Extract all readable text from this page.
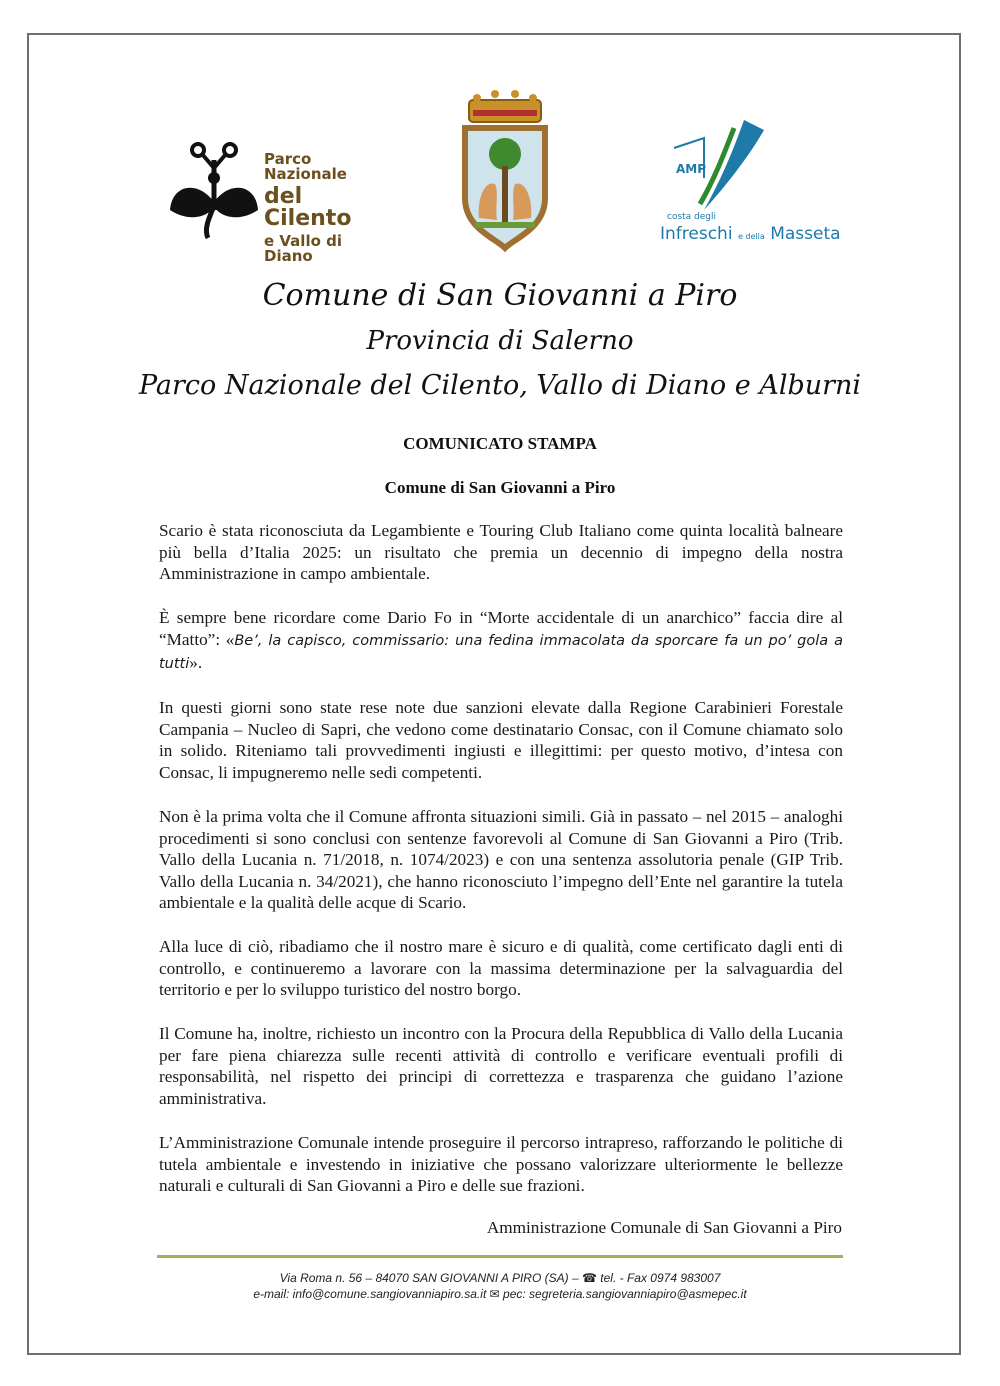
Parco Nazionale
del Cilento
e Vallo di Diano
AMP
costa degli
Infreschi e della Masseta
Comune di San Giovanni a Piro
Provincia di Salerno
Parco Nazionale del Cilento, Vallo di Diano e Alburni
COMUNICATO STAMPA
Comune di San Giovanni a Piro

Scario è stata riconosciuta da Legambiente e Touring Club Italiano come quinta località balneare più bella d’Italia 2025: un risultato che premia un decennio di impegno della nostra Amministrazione in campo ambientale.

È sempre bene ricordare come Dario Fo in “Morte accidentale di un anarchico” faccia dire al “Matto”: «Be’, la capisco, commissario: una fedina immacolata da sporcare fa un po’ gola a tutti».

In questi giorni sono state rese note due sanzioni elevate dalla Regione Carabinieri Forestale Campania – Nucleo di Sapri, che vedono come destinatario Consac, con il Comune chiamato solo in solido. Riteniamo tali provvedimenti ingiusti e illegittimi: per questo motivo, d’intesa con Consac, li impugneremo nelle sedi competenti.

Non è la prima volta che il Comune affronta situazioni simili. Già in passato – nel 2015 – analoghi procedimenti si sono conclusi con sentenze favorevoli al Comune di San Giovanni a Piro (Trib. Vallo della Lucania n. 71/2018, n. 1074/2023) e con una sentenza assolutoria penale (GIP Trib. Vallo della Lucania n. 34/2021), che hanno riconosciuto l’impegno dell’Ente nel garantire la tutela ambientale e la qualità delle acque di Scario.

Alla luce di ciò, ribadiamo che il nostro mare è sicuro e di qualità, come certificato dagli enti di controllo, e continueremo a lavorare con la massima determinazione per la salvaguardia del territorio e per lo sviluppo turistico del nostro borgo.

Il Comune ha, inoltre, richiesto un incontro con la Procura della Repubblica di Vallo della Lucania per fare piena chiarezza sulle recenti attività di controllo e verificare eventuali profili di responsabilità, nel rispetto dei principi di correttezza e trasparenza che guidano l’azione amministrativa.

L’Amministrazione Comunale intende proseguire il percorso intrapreso, rafforzando le politiche di tutela ambientale e investendo in iniziative che possano valorizzare ulteriormente le bellezze naturali e culturali di San Giovanni a Piro e delle sue frazioni.

Amministrazione Comunale di San Giovanni a Piro
Via Roma n. 56 – 84070 SAN GIOVANNI A PIRO (SA) – ☎ tel. - Fax 0974 983007
e-mail: info@comune.sangiovanniapiro.sa.it ✉ pec: segreteria.sangiovanniapiro@asmepec.it
